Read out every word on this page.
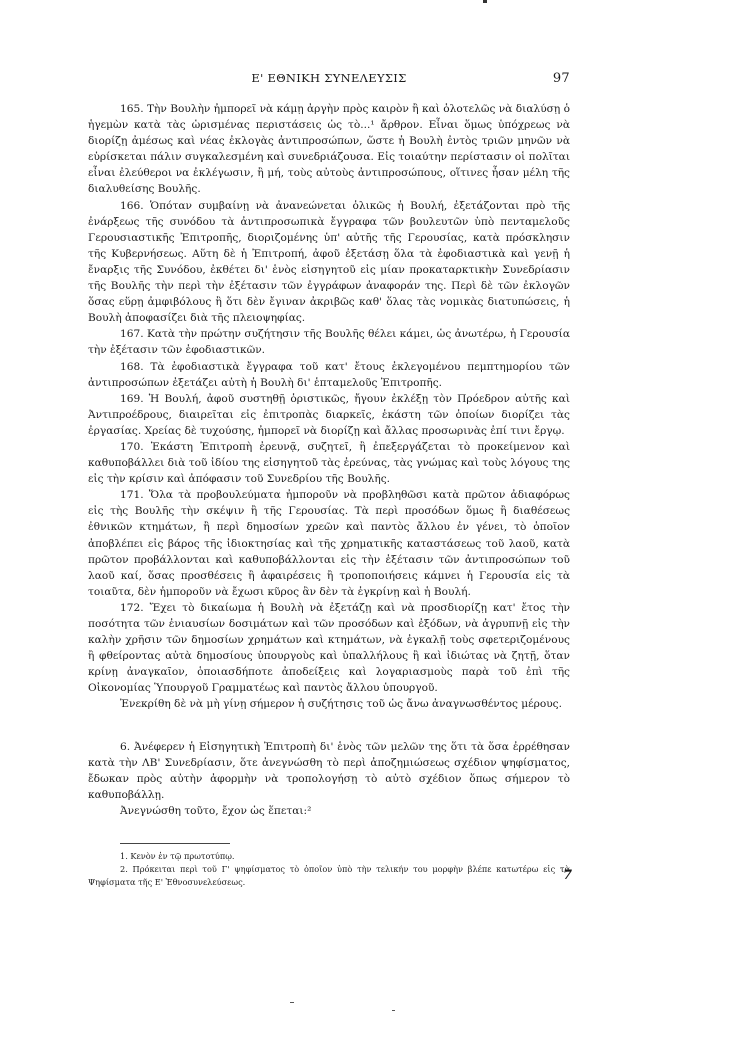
Ε' ΕΘΝΙΚΗ ΣΥΝΕΛΕΥΣΙΣ	97

165. Τὴν Βουλὴν ἠμπορεῖ νὰ κάμῃ ἀργὴν πρὸς καιρὸν ἢ καὶ ὁλοτελῶς νὰ διαλύσῃ ὁ ἡγεμὼν κατὰ τὰς ὡρισμένας περιστάσεις ὡς τὸ...¹ ἄρθρον. Εἶναι ὅμως ὑπόχρεως νὰ διορίζῃ ἀμέσως καὶ νέας ἐκλογὰς ἀντιπροσώπων, ὥστε ἡ Βουλὴ ἐντὸς τριῶν μηνῶν νὰ εὑρίσκεται πάλιν συγκαλεσμένη καὶ συνεδριάζουσα. Εἰς τοιαύτην περίστασιν οἱ πολῖται εἶναι ἐλεύθεροι να ἐκλέγωσιν, ἢ μή, τοὺς αὐτοὺς ἀντιπροσώπους, οἵτινες ἦσαν μέλη τῆς διαλυθείσης Βουλῆς.

166. Ὁπόταν συμβαίνῃ νὰ ἀνανεώνεται ὁλικῶς ἡ Βουλή, ἐξετάζονται πρὸ τῆς ἐνάρξεως τῆς συνόδου τὰ ἀντιπροσωπικὰ ἔγγραφα τῶν βουλευτῶν ὑπὸ πενταμελοῦς Γερουσιαστικῆς Ἐπιτροπῆς, διοριζομένης ὑπ' αὐτῆς τῆς Γερουσίας, κατὰ πρόσκλησιν τῆς Κυβερνήσεως. Αὕτη δὲ ἡ Ἐπιτροπή, ἀφοῦ ἐξετάσῃ ὅλα τὰ ἐφοδιαστικὰ καὶ γενῇ ἡ ἔναρξις τῆς Συνόδου, ἐκθέτει δι' ἑνὸς εἰσηγητοῦ εἰς μίαν προκαταρκτικὴν Συνεδρίασιν τῆς Βουλῆς τὴν περὶ τὴν ἐξέτασιν τῶν ἐγγράφων ἀναφοράν της. Περὶ δὲ τῶν ἐκλογῶν ὅσας εὕρῃ ἀμφιβόλους ἢ ὅτι δὲν ἔγιναν ἀκριβῶς καθ' ὅλας τὰς νομικὰς διατυπώσεις, ἡ Βουλὴ ἀποφασίζει διὰ τῆς πλειοψηφίας.

167. Κατὰ τὴν πρώτην συζήτησιν τῆς Βουλῆς θέλει κάμει, ὡς ἀνωτέρω, ἡ Γερουσία τὴν ἐξέτασιν τῶν ἐφοδιαστικῶν.

168. Τὰ ἐφοδιαστικὰ ἔγγραφα τοῦ κατ' ἔτους ἐκλεγομένου πεμπτημορίου τῶν ἀντιπροσώπων ἐξετάζει αὐτὴ ἡ Βουλὴ δι' ἑπταμελοῦς Ἐπιτροπῆς.

169. Ἡ Βουλή, ἀφοῦ συστηθῇ ὁριστικῶς, ἤγουν ἐκλέξῃ τὸν Πρόεδρον αὐτῆς καὶ Ἀντιπροέδρους, διαιρεῖται εἰς ἐπιτροπὰς διαρκεῖς, ἑκάστη τῶν ὁποίων διορίζει τὰς ἐργασίας. Χρείας δὲ τυχούσης, ἠμπορεῖ νὰ διορίζῃ καὶ ἄλλας προσωρινὰς ἐπί τινι ἔργῳ.

170. Ἑκάστη Ἐπιτροπὴ ἐρευνᾷ, συζητεῖ, ἢ ἐπεξεργάζεται τὸ προκείμενον καὶ καθυποβάλλει διὰ τοῦ ἰδίου της εἰσηγητοῦ τὰς ἐρεύνας, τὰς γνώμας καὶ τοὺς λόγους της εἰς τὴν κρίσιν καὶ ἀπόφασιν τοῦ Συνεδρίου τῆς Βουλῆς.

171. Ὅλα τὰ προβουλεύματα ἠμποροῦν νὰ προβληθῶσι κατὰ πρῶτον ἀδιαφόρως εἰς τὴς Βουλῆς τὴν σκέψιν ἢ τῆς Γερουσίας. Τὰ περὶ προσόδων ὅμως ἢ διαθέσεως ἐθνικῶν κτημάτων, ἢ περὶ δημοσίων χρεῶν καὶ παντὸς ἄλλου ἐν γένει, τὸ ὁποῖον ἀποβλέπει εἰς βάρος τῆς ἰδιοκτησίας καὶ τῆς χρηματικῆς καταστάσεως τοῦ λαοῦ, κατὰ πρῶτον προβάλλονται καὶ καθυποβάλλονται εἰς τὴν ἐξέτασιν τῶν ἀντιπροσώπων τοῦ λαοῦ καί, ὅσας προσθέσεις ἢ ἀφαιρέσεις ἢ τροποποιήσεις κάμνει ἡ Γερουσία εἰς τὰ τοιαῦτα, δὲν ἠμποροῦν νὰ ἔχωσι κῦρος ἂν δὲν τὰ ἐγκρίνῃ καὶ ἡ Βουλή.

172. Ἔχει τὸ δικαίωμα ἡ Βουλὴ νὰ ἐξετάζῃ καὶ νὰ προσδιορίζῃ κατ' ἔτος τὴν ποσότητα τῶν ἐνιαυσίων δοσιμάτων καὶ τῶν προσόδων καὶ ἐξόδων, νὰ ἀγρυπνῇ εἰς τὴν καλὴν χρῆσιν τῶν δημοσίων χρημάτων καὶ κτημάτων, νὰ ἐγκαλῇ τοὺς σφετεριζομένους ἢ φθείροντας αὐτὰ δημοσίους ὑπουργοὺς καὶ ὑπαλλήλους ἢ καὶ ἰδιώτας νὰ ζητῇ, ὅταν κρίνῃ ἀναγκαῖον, ὁποιασδήποτε ἀποδείξεις καὶ λογαριασμοὺς παρὰ τοῦ ἐπὶ τῆς Οἰκονομίας Ὑπουργοῦ Γραμματέως καὶ παντὸς ἄλλου ὑπουργοῦ.

Ἐνεκρίθη δὲ νὰ μὴ γίνῃ σήμερον ἡ συζήτησις τοῦ ὡς ἄνω ἀναγνωσθέντος μέρους.

6. Ἀνέφερεν ἡ Εἰσηγητικὴ Ἐπιτροπὴ δι' ἑνὸς τῶν μελῶν της ὅτι τὰ ὅσα ἐρρέθησαν κατὰ τὴν ΛΒ' Συνεδρίασιν, ὅτε ἀνεγνώσθη τὸ περὶ ἀποζημιώσεως σχέδιον ψηφίσματος, ἔδωκαν πρὸς αὐτὴν ἀφορμὴν νὰ τροπολογήσῃ τὸ αὐτὸ σχέδιον ὅπως σήμερον τὸ καθυποβάλλῃ.

Ἀνεγνώσθη τοῦτο, ἔχον ὡς ἕπεται:²

1. Κενὸν ἐν τῷ πρωτοτύπῳ.

2. Πρόκειται περὶ τοῦ Γ' ψηφίσματος τὸ ὁποῖον ὑπὸ τὴν τελικήν του μορφὴν βλέπε κατωτέρω εἰς τὰ Ψηφίσματα τῆς Ε' Ἐθνοσυνελεύσεως.	7
